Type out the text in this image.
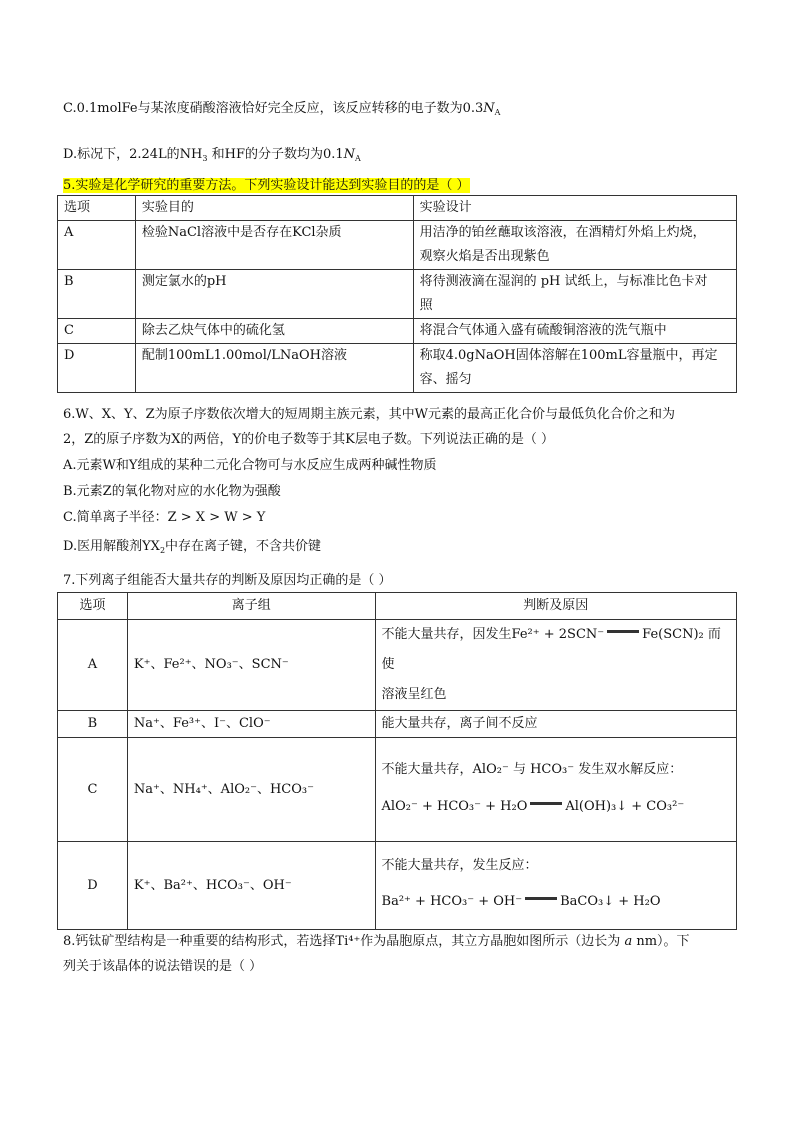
C.0.1molFe与某浓度硝酸溶液恰好完全反应，该反应转移的电子数为$0.3N_A$
D.标况下，2.24L的$NH_3$ 和HF的分子数均为$0.1N_A$
5.实验是化学研究的重要方法。下列实验设计能达到实验目的的是（ ）
选项	实验目的	实验设计
A	检验NaCl溶液中是否存在KCl杂质	用洁净的铂丝蘸取该溶液，在酒精灯外焰上灼烧，
观察火焰是否出现紫色

B	测定氯水的pH	将待测液滴在湿润的 pH 试纸上，与标准比色卡对
照

C	除去乙炔气体中的硫化氢	将混合气体通入盛有硫酸铜溶液的洗气瓶中
D	配制100mL1.00mol/LNaOH溶液	称取4.0gNaOH固体溶解在100mL容量瓶中，再定
容、摇匀
6.W、X、Y、Z为原子序数依次增大的短周期主族元素，其中W元素的最高正化合价与最低负化合价之和为
2，Z的原子序数为X的两倍，Y的价电子数等于其K层电子数。下列说法正确的是（ ）
A.元素W和Y组成的某种二元化合物可与水反应生成两种碱性物质
B.元素Z的氧化物对应的水化物为强酸
C.简单离子半径：Z > X > W > Y
D.医用解酸剂$YX_2$中存在离子键，不含共价键
7.下列离子组能否大量共存的判断及原因均正确的是（ ）
选项	离子组	判断及原因
A	K⁺、Fe²⁺、NO₃⁻、SCN⁻	不能大量共存，因发生Fe²⁺ + 2SCN⁻ Fe(SCN)₂ 而使
溶液呈红色

B	Na⁺、Fe³⁺、I⁻、ClO⁻	能大量共存，离子间不反应
C	Na⁺、NH₄⁺、AlO₂⁻、HCO₃⁻	不能大量共存，AlO₂⁻ 与 HCO₃⁻ 发生双水解反应：
AlO₂⁻ + HCO₃⁻ + H₂O Al(OH)₃↓ + CO₃²⁻

D	K⁺、Ba²⁺、HCO₃⁻、OH⁻	不能大量共存，发生反应：
Ba²⁺ + HCO₃⁻ + OH⁻ BaCO₃↓ + H₂O
8.钙钛矿型结构是一种重要的结构形式，若选择Ti⁴⁺作为晶胞原点，其立方晶胞如图所示（边长为 a nm）。下
列关于该晶体的说法错误的是（ ）
